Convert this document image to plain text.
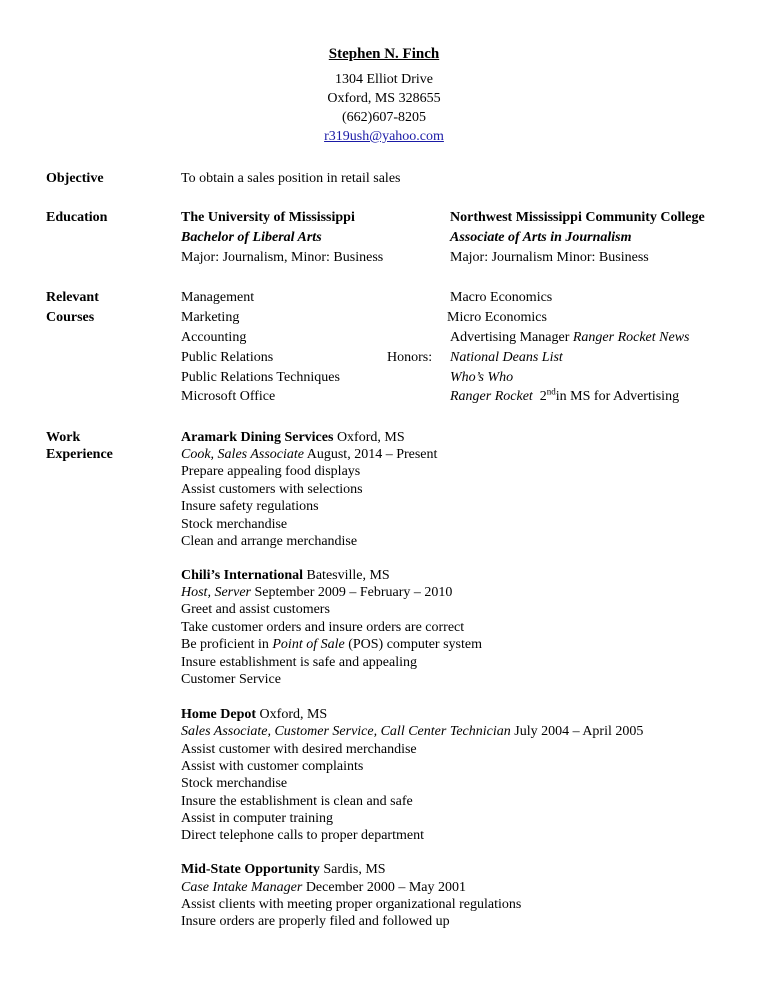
Stephen N. Finch
1304 Elliot Drive
Oxford, MS 328655
(662)607-8205
r319ush@yahoo.com
Objective	To obtain a sales position in retail sales
Education	The University of Mississippi
Bachelor of Liberal Arts
Major: Journalism, Minor: Business
Northwest Mississippi Community College
Associate of Arts in Journalism
Major: Journalism Minor: Business
Relevant
Courses
Management
Marketing
Accounting
Public Relations
Public Relations Techniques
Microsoft Office
Macro Economics
Micro Economics
Advertising Manager Ranger Rocket News
Honors: National Deans List
Who’s Who
Ranger Rocket 2ndin MS for Advertising
Work
Experience
Aramark Dining Services Oxford, MS
Cook, Sales Associate August, 2014 – Present
Prepare appealing food displays
Assist customers with selections
Insure safety regulations
Stock merchandise
Clean and arrange merchandise
Chili’s International Batesville, MS
Host, Server September 2009 – February – 2010
Greet and assist customers
Take customer orders and insure orders are correct
Be proficient in Point of Sale (POS) computer system
Insure establishment is safe and appealing
Customer Service
Home Depot Oxford, MS
Sales Associate, Customer Service, Call Center Technician July 2004 – April 2005
Assist customer with desired merchandise
Assist with customer complaints
Stock merchandise
Insure the establishment is clean and safe
Assist in computer training
Direct telephone calls to proper department
Mid-State Opportunity Sardis, MS
Case Intake Manager December 2000 – May 2001
Assist clients with meeting proper organizational regulations
Insure orders are properly filed and followed up
